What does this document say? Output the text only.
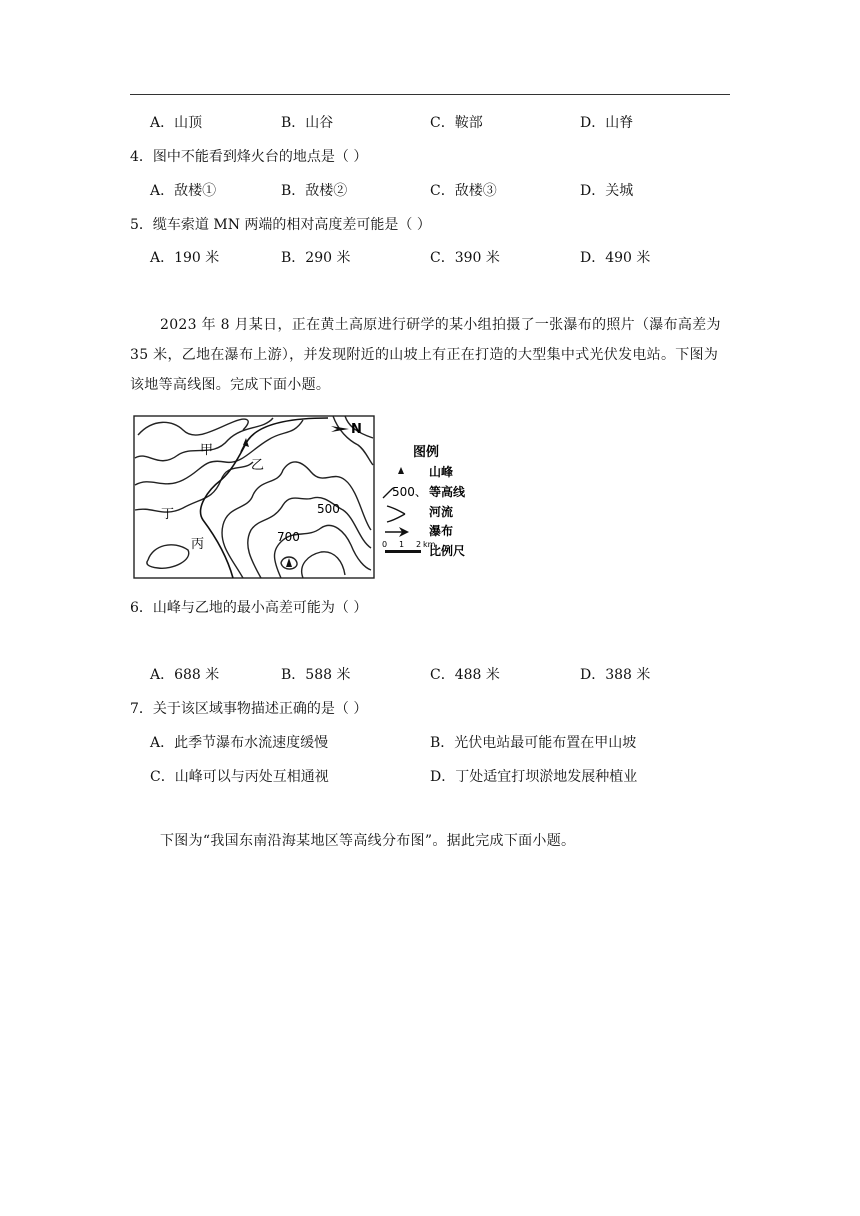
A．山顶	B．山谷	C．鞍部	D．山脊
4．图中不能看到烽火台的地点是（ ）
A．敌楼①	B．敌楼②	C．敌楼③	D．关城
5．缆车索道 MN 两端的相对高度差可能是（ ）
A．190 米	B．290 米	C．390 米	D．490 米
2023 年 8 月某日，正在黄土高原进行研学的某小组拍摄了一张瀑布的照片（瀑布高差为 35 米，乙地在瀑布上游），并发现附近的山坡上有正在打造的大型集中式光伏发电站。下图为该地等高线图。完成下面小题。
N
甲
乙
丙
丁	500
700
图例
山峰
500、 等高线
河流
瀑布
0 1 2 km
比例尺
6．山峰与乙地的最小高差可能为（ ）
A．688 米	B．588 米	C．488 米	D．388 米
7．关于该区域事物描述正确的是（ ）
A．此季节瀑布水流速度缓慢	B．光伏电站最可能布置在甲山坡
C．山峰可以与丙处互相通视	D．丁处适宜打坝淤地发展种植业
下图为“我国东南沿海某地区等高线分布图”。据此完成下面小题。
